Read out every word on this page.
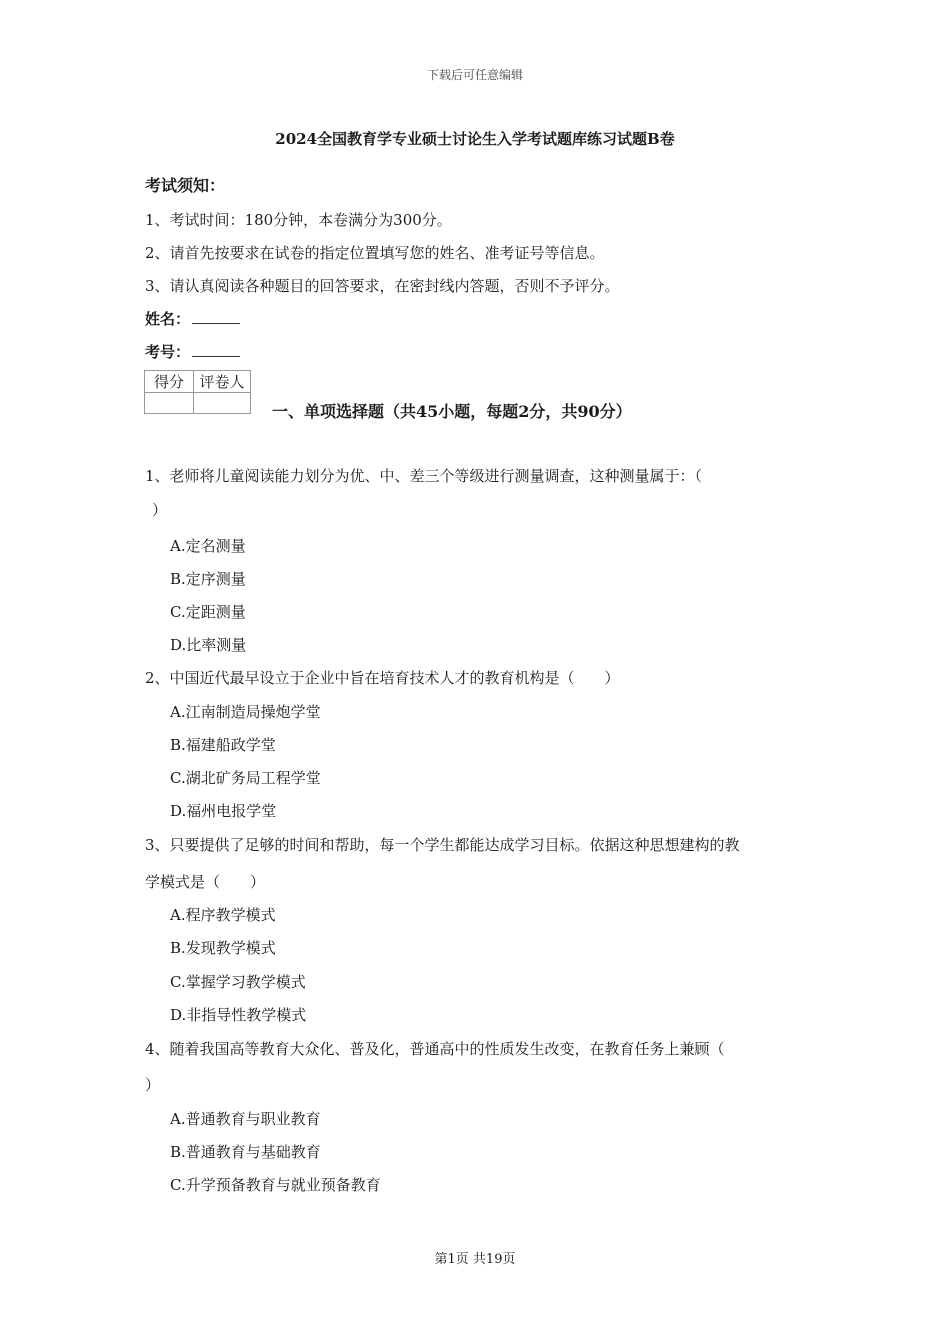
下载后可任意编辑
2024全国教育学专业硕士讨论生入学考试题库练习试题B卷
考试须知：
1、考试时间：180分钟，本卷满分为300分。
2、请首先按要求在试卷的指定位置填写您的姓名、准考证号等信息。
3、请认真阅读各种题目的回答要求，在密封线内答题，否则不予评分。
姓名：
考号：
得分	评卷人

一、单项选择题（共45小题，每题2分，共90分）
1、老师将儿童阅读能力划分为优、中、差三个等级进行测量调查，这种测量属于：（
）
A.定名测量
B.定序测量
C.定距测量
D.比率测量
2、中国近代最早设立于企业中旨在培育技术人才的教育机构是（　　）
A.江南制造局操炮学堂
B.福建船政学堂
C.湖北矿务局工程学堂
D.福州电报学堂
3、只要提供了足够的时间和帮助，每一个学生都能达成学习目标。依据这种思想建构的教
学模式是（　　）
A.程序教学模式
B.发现教学模式
C.掌握学习教学模式
D.非指导性教学模式
4、随着我国高等教育大众化、普及化，普通高中的性质发生改变，在教育任务上兼顾（
）
A.普通教育与职业教育
B.普通教育与基础教育
C.升学预备教育与就业预备教育
第1页 共19页
